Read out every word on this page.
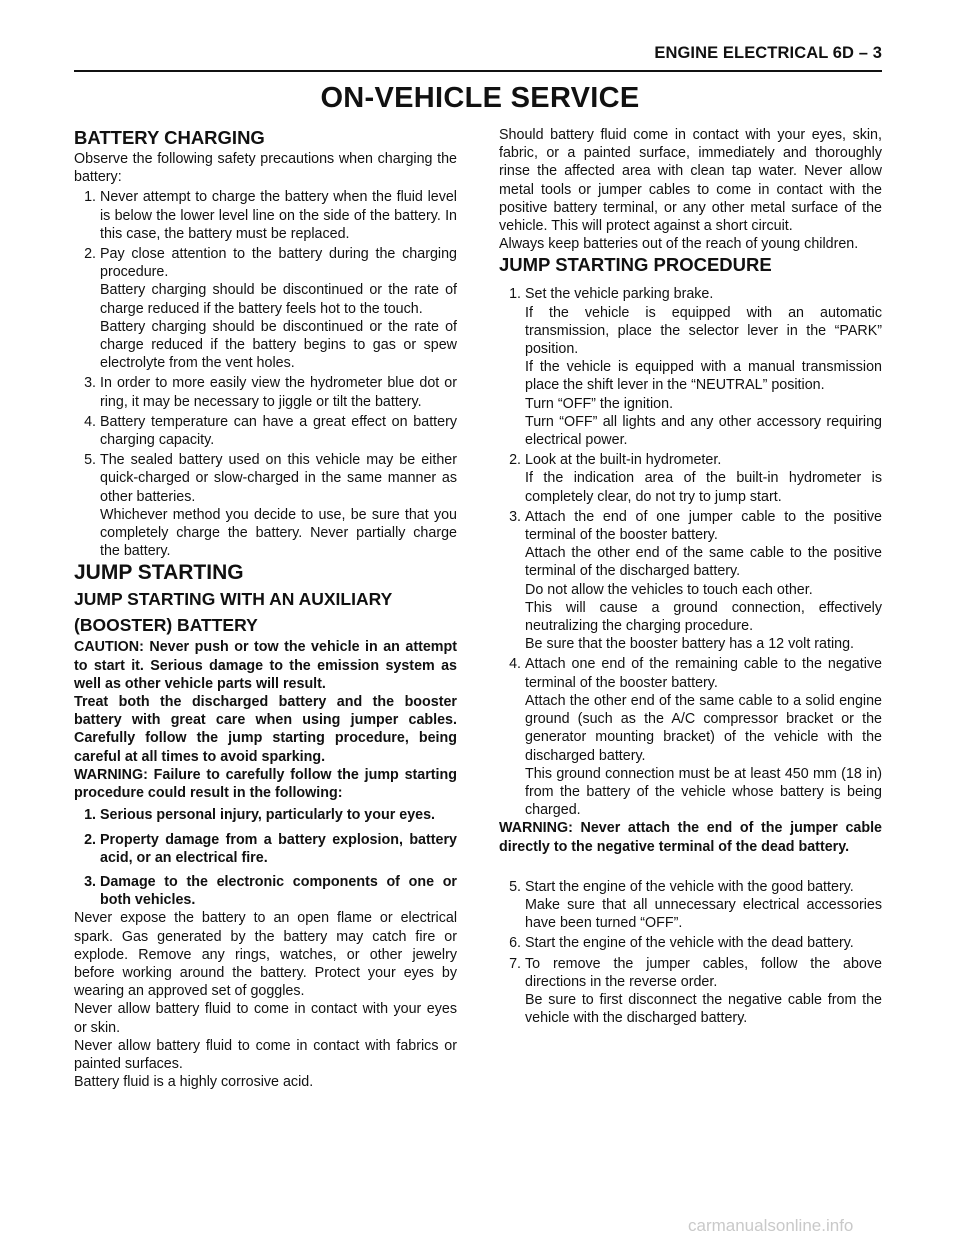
ENGINE ELECTRICAL 6D – 3
ON-VEHICLE SERVICE

BATTERY CHARGING

Observe the following safety precautions when charging the battery:

1. Never attempt to charge the battery when the fluid level is below the lower level line on the side of the battery. In this case, the battery must be replaced.
2. Pay close attention to the battery during the charging procedure.

Battery charging should be discontinued or the rate of charge reduced if the battery feels hot to the touch.

Battery charging should be discontinued or the rate of charge reduced if the battery begins to gas or spew electrolyte from the vent holes.

3. In order to more easily view the hydrometer blue dot or ring, it may be necessary to jiggle or tilt the battery.
4. Battery temperature can have a great effect on battery charging capacity.
5. The sealed battery used on this vehicle may be either quick-charged or slow-charged in the same manner as other batteries.

Whichever method you decide to use, be sure that you completely charge the battery. Never partially charge the battery.

JUMP STARTING

JUMP STARTING WITH AN AUXILIARY

(BOOSTER) BATTERY

CAUTION: Never push or tow the vehicle in an attempt to start it. Serious damage to the emission system as well as other vehicle parts will result.

Treat both the discharged battery and the booster battery with great care when using jumper cables. Carefully follow the jump starting procedure, being careful at all times to avoid sparking.

WARNING: Failure to carefully follow the jump starting procedure could result in the following:

1. Serious personal injury, particularly to your eyes.
2. Property damage from a battery explosion, battery acid, or an electrical fire.
3. Damage to the electronic components of one or both vehicles.

Never expose the battery to an open flame or electrical spark. Gas generated by the battery may catch fire or explode. Remove any rings, watches, or other jewelry before working around the battery. Protect your eyes by wearing an approved set of goggles.

Never allow battery fluid to come in contact with your eyes or skin.

Never allow battery fluid to come in contact with fabrics or painted surfaces.

Battery fluid is a highly corrosive acid.

Should battery fluid come in contact with your eyes, skin, fabric, or a painted surface, immediately and thoroughly rinse the affected area with clean tap water. Never allow metal tools or jumper cables to come in contact with the positive battery terminal, or any other metal surface of the vehicle. This will protect against a short circuit.

Always keep batteries out of the reach of young children.

JUMP STARTING PROCEDURE

1. Set the vehicle parking brake.

If the vehicle is equipped with an automatic transmission, place the selector lever in the “PARK” position.

If the vehicle is equipped with a manual transmission place the shift lever in the “NEUTRAL” position.

Turn “OFF” the ignition.

Turn “OFF” all lights and any other accessory requiring electrical power.

2. Look at the built-in hydrometer.

If the indication area of the built-in hydrometer is completely clear, do not try to jump start.

3. Attach the end of one jumper cable to the positive terminal of the booster battery.

Attach the other end of the same cable to the positive terminal of the discharged battery.

Do not allow the vehicles to touch each other.

This will cause a ground connection, effectively neutralizing the charging procedure.

Be sure that the booster battery has a 12 volt rating.

4. Attach one end of the remaining cable to the negative terminal of the booster battery.

Attach the other end of the same cable to a solid engine ground (such as the A/C compressor bracket or the generator mounting bracket) of the vehicle with the discharged battery.

This ground connection must be at least 450 mm (18 in) from the battery of the vehicle whose battery is being charged.

WARNING: Never attach the end of the jumper cable directly to the negative terminal of the dead battery.

5. Start the engine of the vehicle with the good battery.

Make sure that all unnecessary electrical accessories have been turned “OFF”.

6. Start the engine of the vehicle with the dead battery.
7. To remove the jumper cables, follow the above directions in the reverse order.

Be sure to first disconnect the negative cable from the vehicle with the discharged battery.

carmanualsonline.info
